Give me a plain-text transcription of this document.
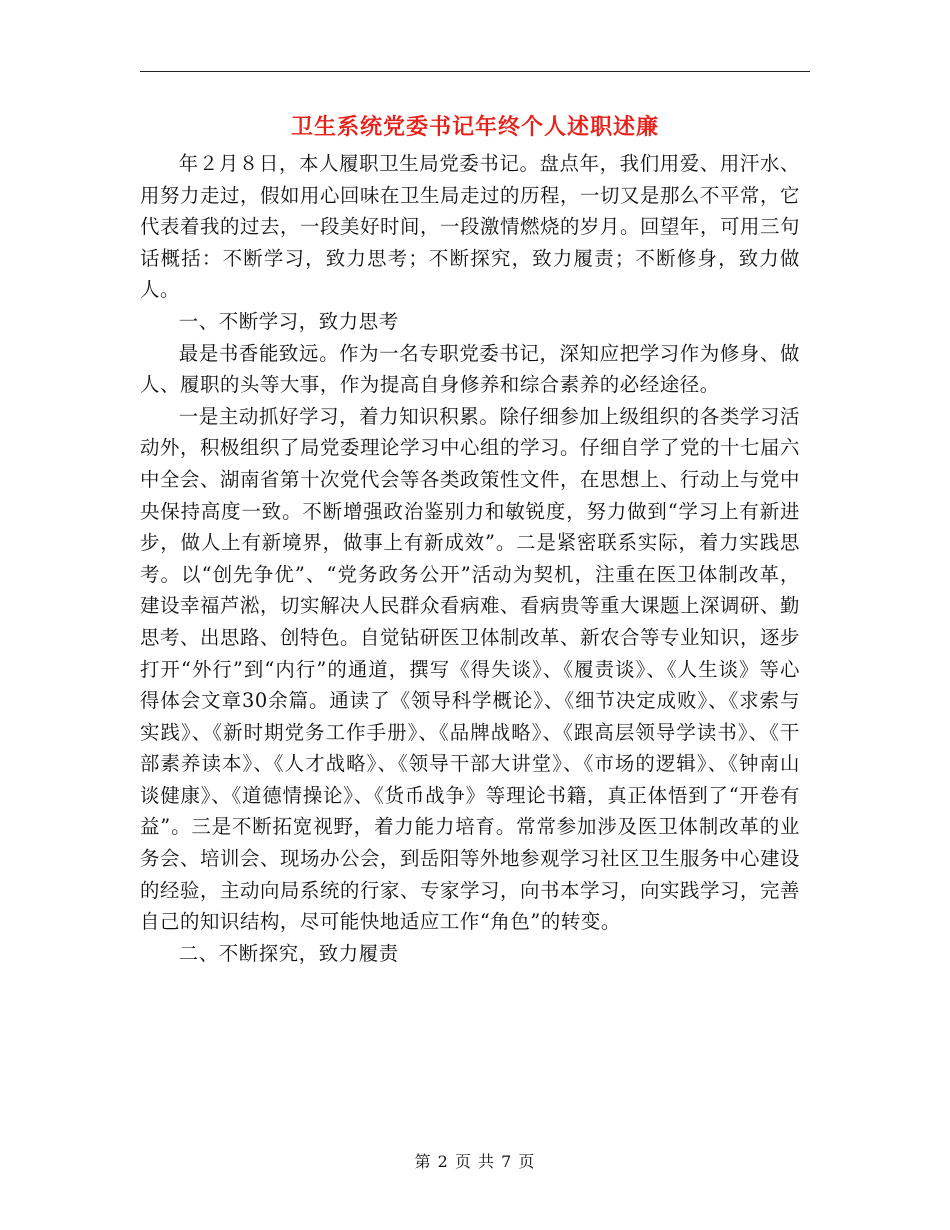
卫生系统党委书记年终个人述职述廉

年２月８日，本人履职卫生局党委书记。盘点年，我们用爱、用汗水、用努力走过，假如用心回味在卫生局走过的历程，一切又是那么不平常，它代表着我的过去，一段美好时间，一段激情燃烧的岁月。回望年，可用三句话概括：不断学习，致力思考；不断探究，致力履责；不断修身，致力做人。

一、不断学习，致力思考

最是书香能致远。作为一名专职党委书记，深知应把学习作为修身、做人、履职的头等大事，作为提高自身修养和综合素养的必经途径。

一是主动抓好学习，着力知识积累。除仔细参加上级组织的各类学习活动外，积极组织了局党委理论学习中心组的学习。仔细自学了党的十七届六中全会、湖南省第十次党代会等各类政策性文件，在思想上、行动上与党中央保持高度一致。不断增强政治鉴别力和敏锐度，努力做到“学习上有新进步，做人上有新境界，做事上有新成效”。二是紧密联系实际，着力实践思考。以“创先争优”、“党务政务公开”活动为契机，注重在医卫体制改革，建设幸福芦淞，切实解决人民群众看病难、看病贵等重大课题上深调研、勤思考、出思路、创特色。自觉钻研医卫体制改革、新农合等专业知识，逐步打开“外行”到“内行”的通道，撰写《得失谈》、《履责谈》、《人生谈》等心得体会文章30余篇。通读了《领导科学概论》、《细节决定成败》、《求索与实践》、《新时期党务工作手册》、《品牌战略》、《跟高层领导学读书》、《干部素养读本》、《人才战略》、《领导干部大讲堂》、《市场的逻辑》、《钟南山谈健康》、《道德情操论》、《货币战争》等理论书籍，真正体悟到了“开卷有益”。三是不断拓宽视野，着力能力培育。常常参加涉及医卫体制改革的业务会、培训会、现场办公会，到岳阳等外地参观学习社区卫生服务中心建设的经验，主动向局系统的行家、专家学习，向书本学习，向实践学习，完善自己的知识结构，尽可能快地适应工作“角色”的转变。

二、不断探究，致力履责

第 2 页 共 7 页
